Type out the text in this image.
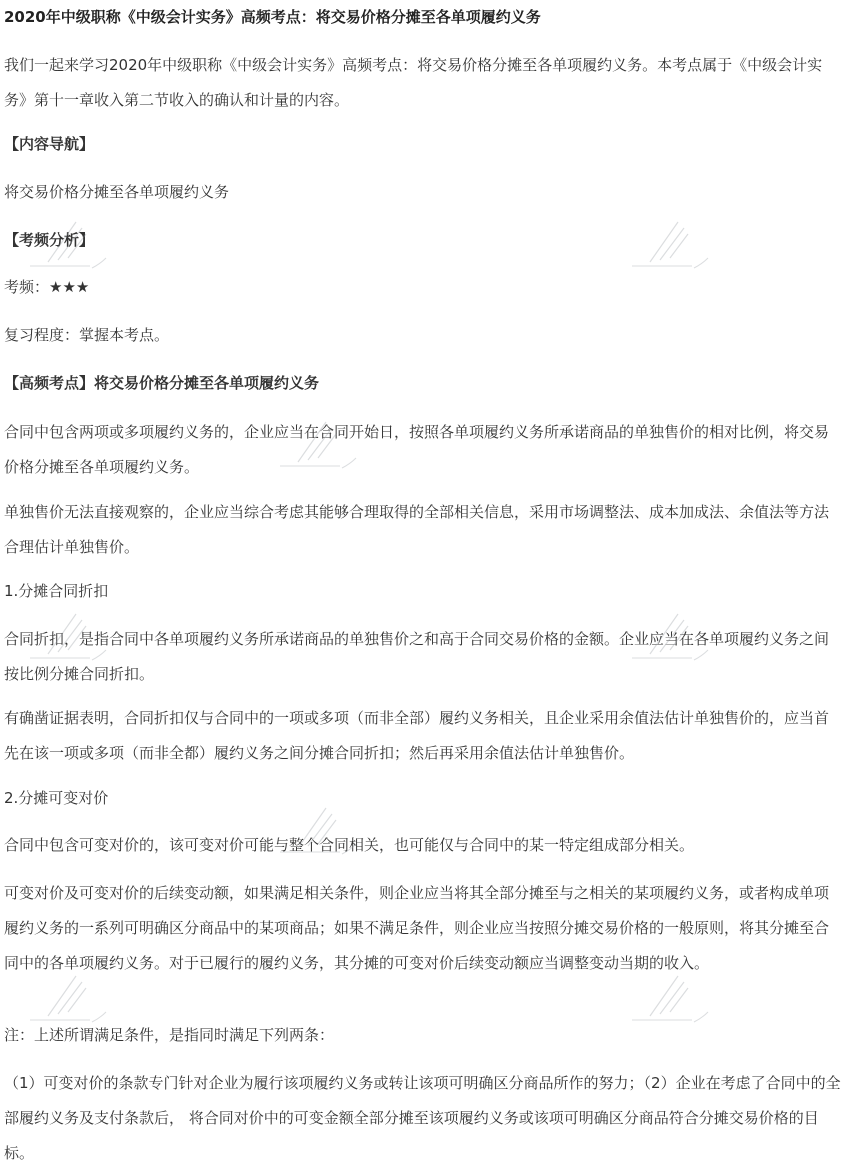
2020年中级职称《中级会计实务》高频考点：将交易价格分摊至各单项履约义务

我们一起来学习2020年中级职称《中级会计实务》高频考点：将交易价格分摊至各单项履约义务。本考点属于《中级会计实务》第十一章收入第二节收入的确认和计量的内容。

【内容导航】

将交易价格分摊至各单项履约义务

【考频分析】

考频：★★★

复习程度：掌握本考点。

【高频考点】将交易价格分摊至各单项履约义务

合同中包含两项或多项履约义务的，企业应当在合同开始日，按照各单项履约义务所承诺商品的单独售价的相对比例，将交易价格分摊至各单项履约义务。

单独售价无法直接观察的，企业应当综合考虑其能够合理取得的全部相关信息，采用市场调整法、成本加成法、余值法等方法合理估计单独售价。

1.分摊合同折扣

合同折扣，是指合同中各单项履约义务所承诺商品的单独售价之和高于合同交易价格的金额。企业应当在各单项履约义务之间按比例分摊合同折扣。

有确凿证据表明，合同折扣仅与合同中的一项或多项（而非全部）履约义务相关，且企业采用余值法估计单独售价的，应当首先在该一项或多项（而非全都）履约义务之间分摊合同折扣；然后再采用余值法估计单独售价。

2.分摊可变对价

合同中包含可变对价的，该可变对价可能与整个合同相关，也可能仅与合同中的某一特定组成部分相关。

可变对价及可变对价的后续变动额，如果满足相关条件，则企业应当将其全部分摊至与之相关的某项履约义务，或者构成单项履约义务的一系列可明确区分商品中的某项商品；如果不满足条件，则企业应当按照分摊交易价格的一般原则，将其分摊至合同中的各单项履约义务。对于已履行的履约义务，其分摊的可变对价后续变动额应当调整变动当期的收入。

注：上述所谓满足条件，是指同时满足下列两条：

（1）可变对价的条款专门针对企业为履行该项履约义务或转让该项可明确区分商品所作的努力；（2）企业在考虑了合同中的全部履约义务及支付条款后， 将合同对价中的可变金额全部分摊至该项履约义务或该项可明确区分商品符合分摊交易价格的目标。
